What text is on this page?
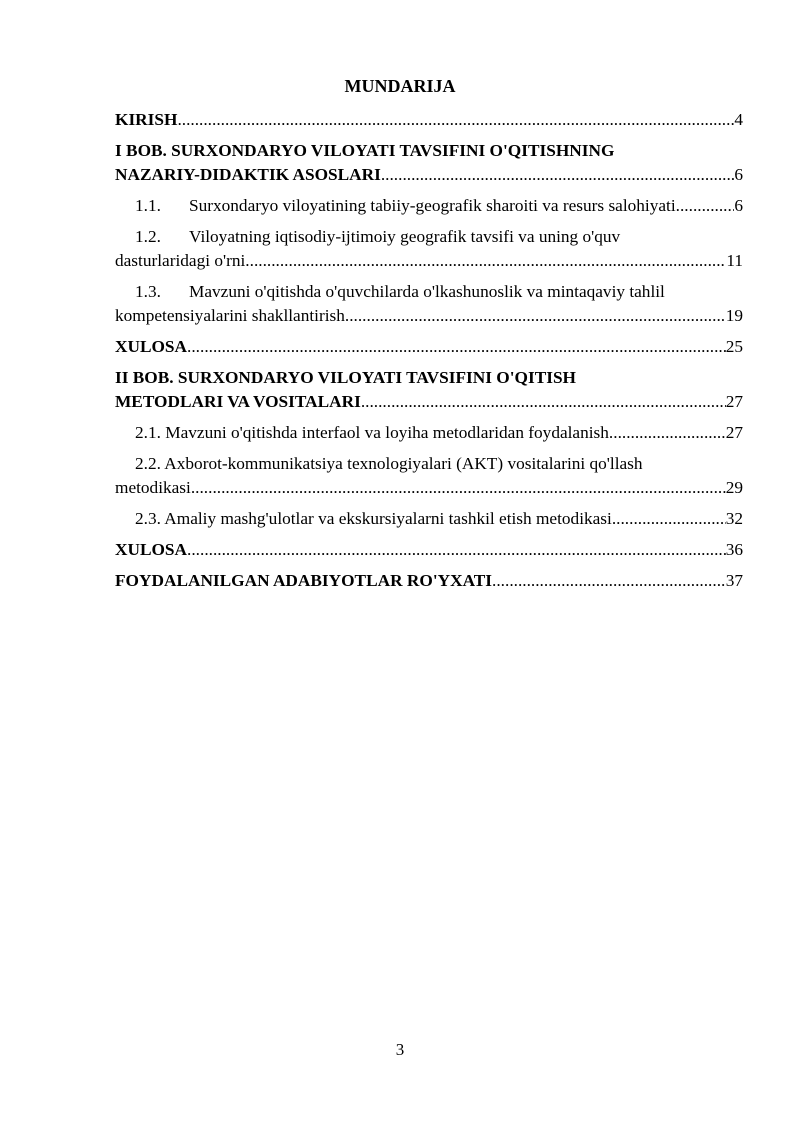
MUNDARIJA
KIRISH .....	4
I BOB. SURXONDARYO VILOYATI TAVSIFINI O'QITISHNING
NAZARIY-DIDAKTIK ASOSLARI .....	6
1.1. Surxondaryo viloyatining tabiiy-geografik sharoiti va resurs salohiyati .....	6
1.2. Viloyatning iqtisodiy-ijtimoiy geografik tavsifi va uning o'quv
dasturlaridagi o'rni .....	11
1.3. Mavzuni o'qitishda o'quvchilarda o'lkashunoslik va mintaqaviy tahlil
kompetensiyalarini shakllantirish .....	19
XULOSA .....	25
II BOB. SURXONDARYO VILOYATI TAVSIFINI O'QITISH
METODLARI VA VOSITALARI .....	27
2.1. Mavzuni o'qitishda interfaol va loyiha metodlaridan foydalanish .....	27
2.2. Axborot-kommunikatsiya texnologiyalari (AKT) vositalarini qo'llash
metodikasi .....	29
2.3. Amaliy mashg'ulotlar va ekskursiyalarni tashkil etish metodikasi .....	32
XULOSA .....	36
FOYDALANILGAN ADABIYOTLAR RO'YXATI .....	37
3
